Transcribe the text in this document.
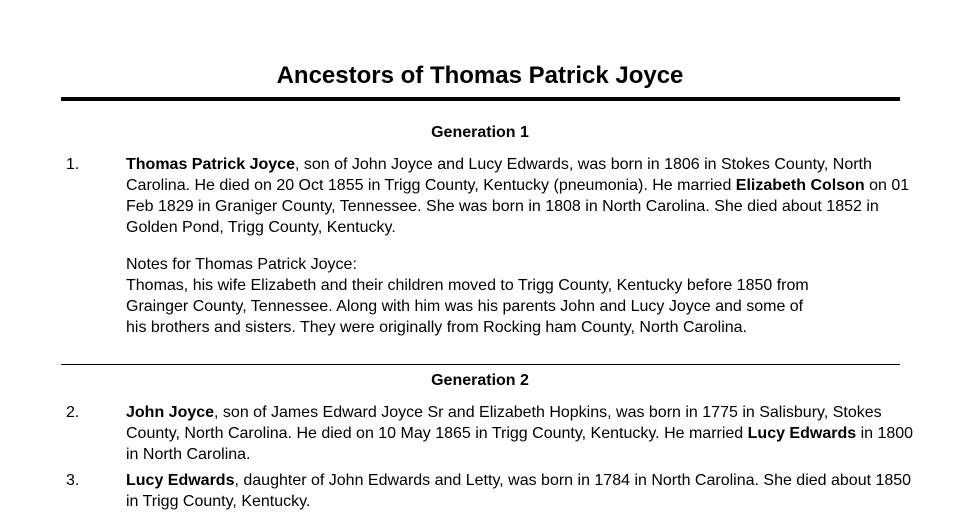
Ancestors of Thomas Patrick Joyce
Generation 1
1.	Thomas Patrick Joyce, son of John Joyce and Lucy Edwards, was born in 1806 in Stokes County, North Carolina. He died on 20 Oct 1855 in Trigg County, Kentucky (pneumonia). He married Elizabeth Colson on 01 Feb 1829 in Graniger County, Tennessee. She was born in 1808 in North Carolina. She died about 1852 in Golden Pond, Trigg County, Kentucky.
Notes for Thomas Patrick Joyce:
Thomas, his wife Elizabeth and their children moved to Trigg County, Kentucky before 1850 from
Grainger County, Tennessee. Along with him was his parents John and Lucy Joyce and some of
his brothers and sisters. They were originally from Rocking ham County, North Carolina.
Generation 2
2.	John Joyce, son of James Edward Joyce Sr and Elizabeth Hopkins, was born in 1775 in Salisbury, Stokes County, North Carolina. He died on 10 May 1865 in Trigg County, Kentucky. He married Lucy Edwards in 1800 in North Carolina.
3.	Lucy Edwards, daughter of John Edwards and Letty, was born in 1784 in North Carolina. She died about 1850 in Trigg County, Kentucky.
